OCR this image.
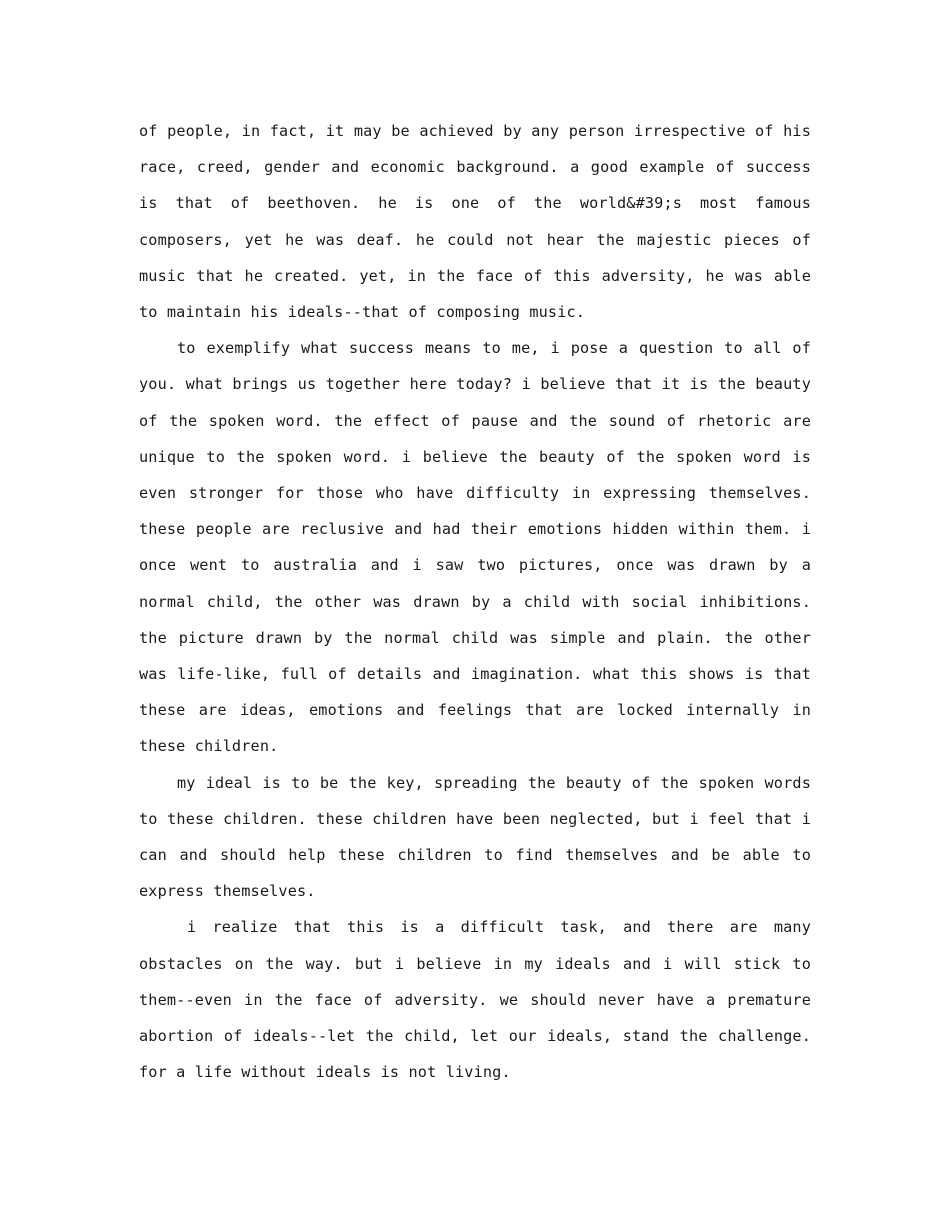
of people, in fact, it may be achieved by any person irrespective of his race, creed, gender and economic background. a good example of success is that of beethoven. he is one of the world&#39;s most famous composers, yet he was deaf. he could not hear the majestic pieces of music that he created. yet, in the face of this adversity, he was able to maintain his ideals--that of composing music.

to exemplify what success means to me, i pose a question to all of you. what brings us together here today? i believe that it is the beauty of the spoken word. the effect of pause and the sound of rhetoric are unique to the spoken word. i believe the beauty of the spoken word is even stronger for those who have difficulty in expressing themselves. these people are reclusive and had their emotions hidden within them. i once went to australia and i saw two pictures, once was drawn by a normal child, the other was drawn by a child with social inhibitions. the picture drawn by the normal child was simple and plain. the other was life-like, full of details and imagination. what this shows is that these are ideas, emotions and feelings that are locked internally in these children.

my ideal is to be the key, spreading the beauty of the spoken words to these children. these children have been neglected, but i feel that i can and should help these children to find themselves and be able to express themselves.

i realize that this is a difficult task, and there are many obstacles on the way. but i believe in my ideals and i will stick to them--even in the face of adversity. we should never have a premature abortion of ideals--let the child, let our ideals, stand the challenge. for a life without ideals is not living.
